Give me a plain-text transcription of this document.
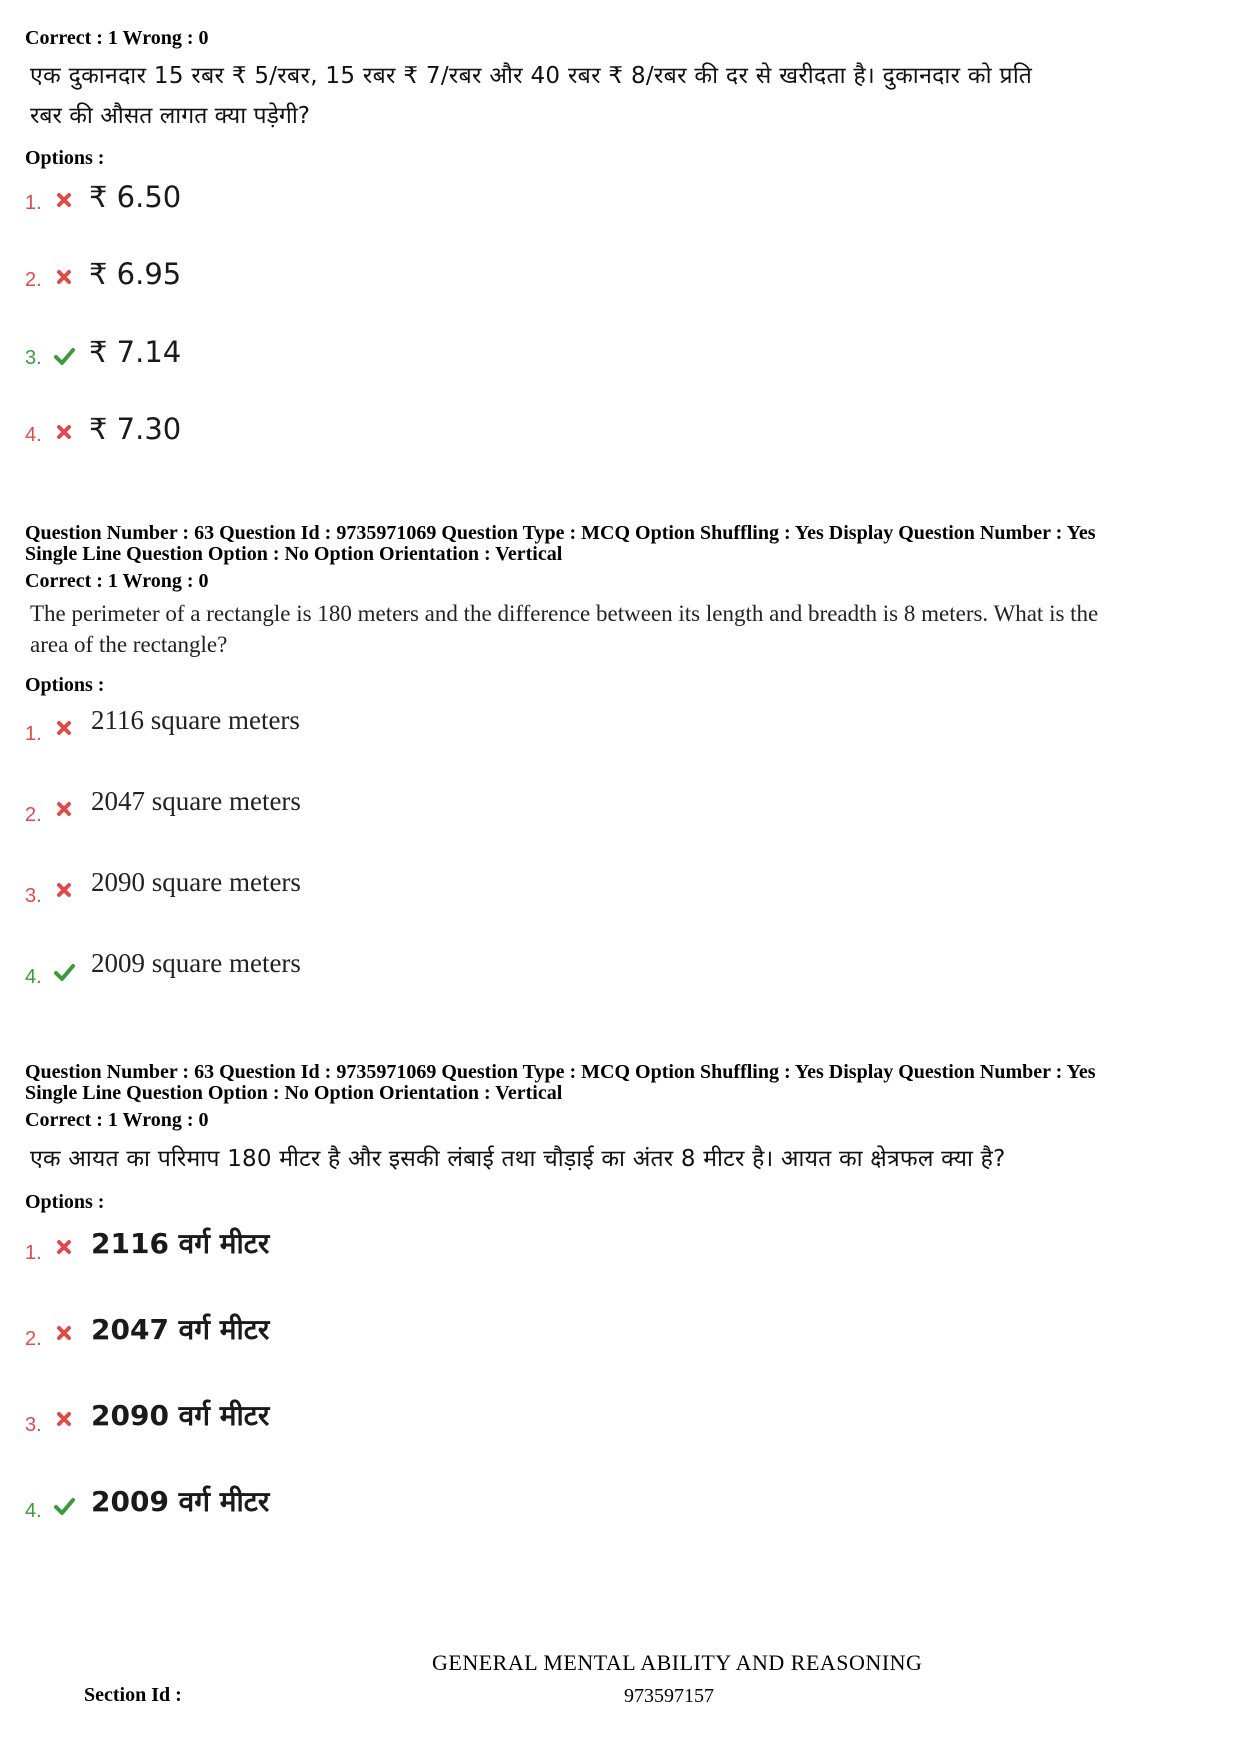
Correct : 1 Wrong : 0
एक दुकानदार 15 रबर ₹ 5/रबर, 15 रबर ₹ 7/रबर और 40 रबर ₹ 8/रबर की दर से खरीदता है। दुकानदार को प्रति
रबर की औसत लागत क्या पड़ेगी?
Options :
1. ₹ 6.50
2. ₹ 6.95
3. ₹ 7.14
4. ₹ 7.30
Question Number : 63 Question Id : 9735971069 Question Type : MCQ Option Shuffling : Yes Display Question Number : Yes
Single Line Question Option : No Option Orientation : Vertical
Correct : 1 Wrong : 0
The perimeter of a rectangle is 180 meters and the difference between its length and breadth is 8 meters. What is the
area of the rectangle?
Options :
1. 2116 square meters
2. 2047 square meters
3. 2090 square meters
4. 2009 square meters
Question Number : 63 Question Id : 9735971069 Question Type : MCQ Option Shuffling : Yes Display Question Number : Yes
Single Line Question Option : No Option Orientation : Vertical
Correct : 1 Wrong : 0
एक आयत का परिमाप 180 मीटर है और इसकी लंबाई तथा चौड़ाई का अंतर 8 मीटर है। आयत का क्षेत्रफल क्या है?
Options :
1. 2116 वर्ग मीटर
2. 2047 वर्ग मीटर
3. 2090 वर्ग मीटर
4. 2009 वर्ग मीटर
GENERAL MENTAL ABILITY AND REASONING
Section Id :	973597157
